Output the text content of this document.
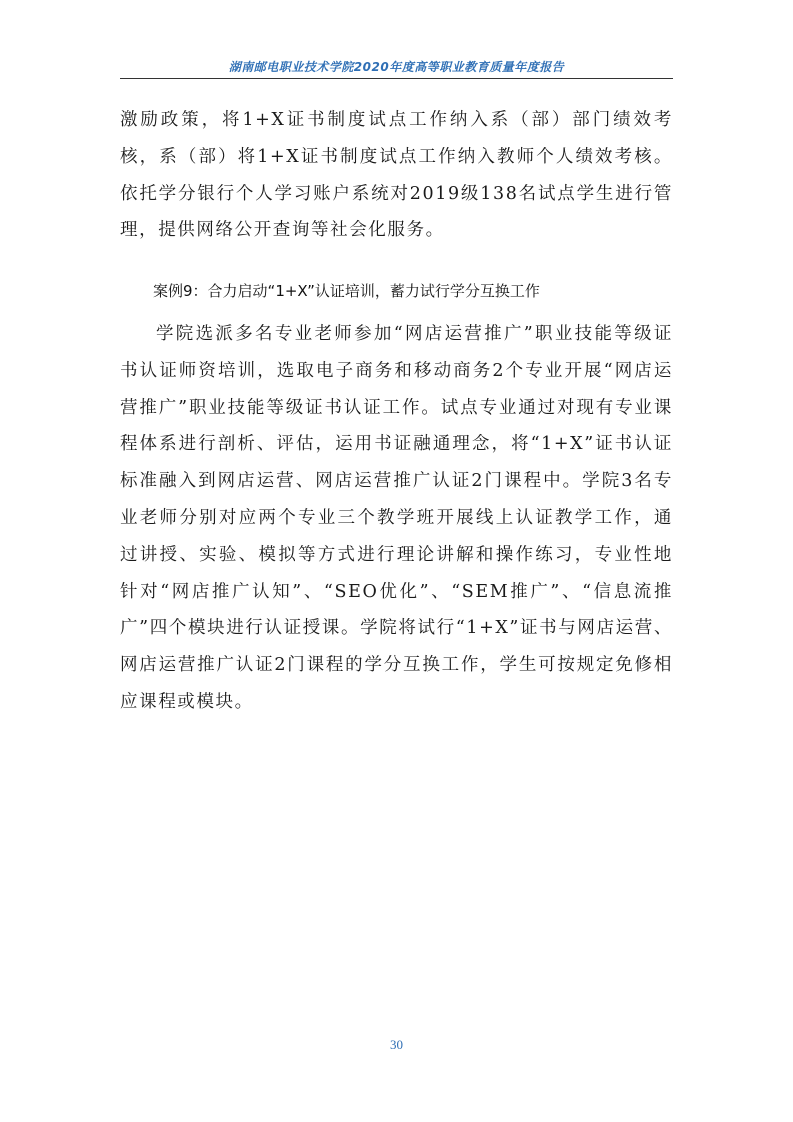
湖南邮电职业技术学院2020年度高等职业教育质量年度报告

激励政策，将1+X证书制度试点工作纳入系（部）部门绩效考核，系（部）将1+X证书制度试点工作纳入教师个人绩效考核。依托学分银行个人学习账户系统对2019级138名试点学生进行管理，提供网络公开查询等社会化服务。

案例9：合力启动“1+X”认证培训，蓄力试行学分互换工作

学院选派多名专业老师参加“网店运营推广”职业技能等级证书认证师资培训，选取电子商务和移动商务2个专业开展“网店运营推广”职业技能等级证书认证工作。试点专业通过对现有专业课程体系进行剖析、评估，运用书证融通理念，将“1+X”证书认证标准融入到网店运营、网店运营推广认证2门课程中。学院3名专业老师分别对应两个专业三个教学班开展线上认证教学工作，通过讲授、实验、模拟等方式进行理论讲解和操作练习，专业性地针对“网店推广认知”、“SEO优化”、“SEM推广”、“信息流推广”四个模块进行认证授课。学院将试行“1+X”证书与网店运营、网店运营推广认证2门课程的学分互换工作，学生可按规定免修相应课程或模块。

30
